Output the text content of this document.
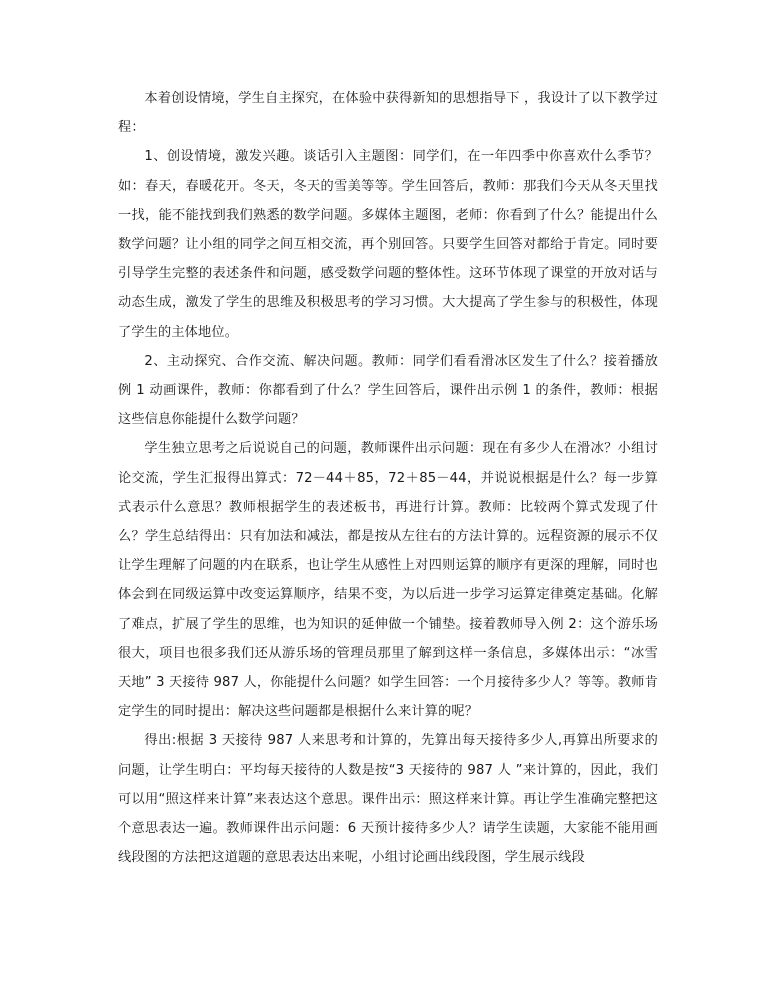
本着创设情境，学生自主探究，在体验中获得新知的思想指导下 ，我设计了以下教学过程：

1、创设情境，激发兴趣。谈话引入主题图：同学们，在一年四季中你喜欢什么季节？如：春天，春暖花开。冬天，冬天的雪美等等。学生回答后，教师：那我们今天从冬天里找一找，能不能找到我们熟悉的数学问题。多媒体主题图，老师：你看到了什么？能提出什么数学问题？让小组的同学之间互相交流，再个别回答。只要学生回答对都给于肯定。同时要引导学生完整的表述条件和问题，感受数学问题的整体性。这环节体现了课堂的开放对话与动态生成，激发了学生的思维及积极思考的学习习惯。大大提高了学生参与的积极性，体现了学生的主体地位。

2、主动探究、合作交流、解决问题。教师：同学们看看滑冰区发生了什么？接着播放例 1 动画课件，教师：你都看到了什么？学生回答后，课件出示例 1 的条件，教师：根据这些信息你能提什么数学问题？

学生独立思考之后说说自己的问题，教师课件出示问题：现在有多少人在滑冰？小组讨论交流，学生汇报得出算式：72－44＋85，72＋85－44，并说说根据是什么？每一步算式表示什么意思？教师根据学生的表述板书，再进行计算。教师：比较两个算式发现了什么？学生总结得出：只有加法和减法，都是按从左往右的方法计算的。远程资源的展示不仅让学生理解了问题的内在联系，也让学生从感性上对四则运算的顺序有更深的理解，同时也体会到在同级运算中改变运算顺序，结果不变，为以后进一步学习运算定律奠定基础。化解了难点，扩展了学生的思维，也为知识的延伸做一个铺垫。接着教师导入例 2：这个游乐场很大，项目也很多我们还从游乐场的管理员那里了解到这样一条信息，多媒体出示：“冰雪天地” 3 天接待 987 人，你能提什么问题？如学生回答：一个月接待多少人？等等。教师肯定学生的同时提出：解决这些问题都是根据什么来计算的呢？

得出:根据 3 天接待 987 人来思考和计算的，先算出每天接待多少人,再算出所要求的问题，让学生明白：平均每天接待的人数是按“3 天接待的 987 人 ”来计算的，因此，我们可以用“照这样来计算”来表达这个意思。课件出示：照这样来计算。再让学生准确完整把这个意思表达一遍。教师课件出示问题：6 天预计接待多少人？请学生读题，大家能不能用画线段图的方法把这道题的意思表达出来呢，小组讨论画出线段图，学生展示线段
